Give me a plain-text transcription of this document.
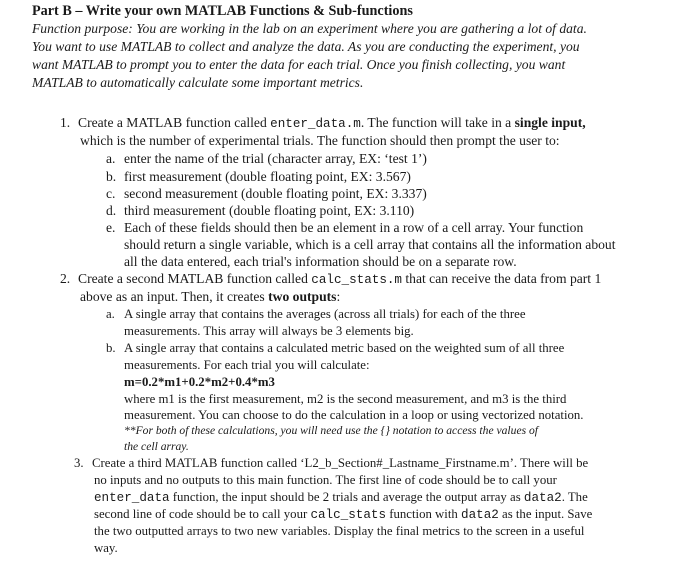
Part B – Write your own MATLAB Functions & Sub-functions
Function purpose: You are working in the lab on an experiment where you are gathering a lot of data.
You want to use MATLAB to collect and analyze the data. As you are conducting the experiment, you
want MATLAB to prompt you to enter the data for each trial. Once you finish collecting, you want
MATLAB to automatically calculate some important metrics.
1. Create a MATLAB function called enter_data.m. The function will take in a single input,
which is the number of experimental trials. The function should then prompt the user to:
a. enter the name of the trial (character array, EX: ‘test 1’)
b. first measurement (double floating point, EX: 3.567)
c. second measurement (double floating point, EX: 3.337)
d. third measurement (double floating point, EX: 3.110)
e. Each of these fields should then be an element in a row of a cell array. Your function
should return a single variable, which is a cell array that contains all the information about
all the data entered, each trial's information should be on a separate row.
2. Create a second MATLAB function called calc_stats.m that can receive the data from part 1
above as an input. Then, it creates two outputs:
a. A single array that contains the averages (across all trials) for each of the three
measurements. This array will always be 3 elements big.
b. A single array that contains a calculated metric based on the weighted sum of all three
measurements. For each trial you will calculate:
m=0.2*m1+0.2*m2+0.4*m3
where m1 is the first measurement, m2 is the second measurement, and m3 is the third
measurement. You can choose to do the calculation in a loop or using vectorized notation.
**For both of these calculations, you will need use the {} notation to access the values of
the cell array.
3. Create a third MATLAB function called ‘L2_b_Section#_Lastname_Firstname.m’. There will be
no inputs and no outputs to this main function. The first line of code should be to call your
enter_data function, the input should be 2 trials and average the output array as data2. The
second line of code should be to call your calc_stats function with data2 as the input. Save
the two outputted arrays to two new variables. Display the final metrics to the screen in a useful
way.
